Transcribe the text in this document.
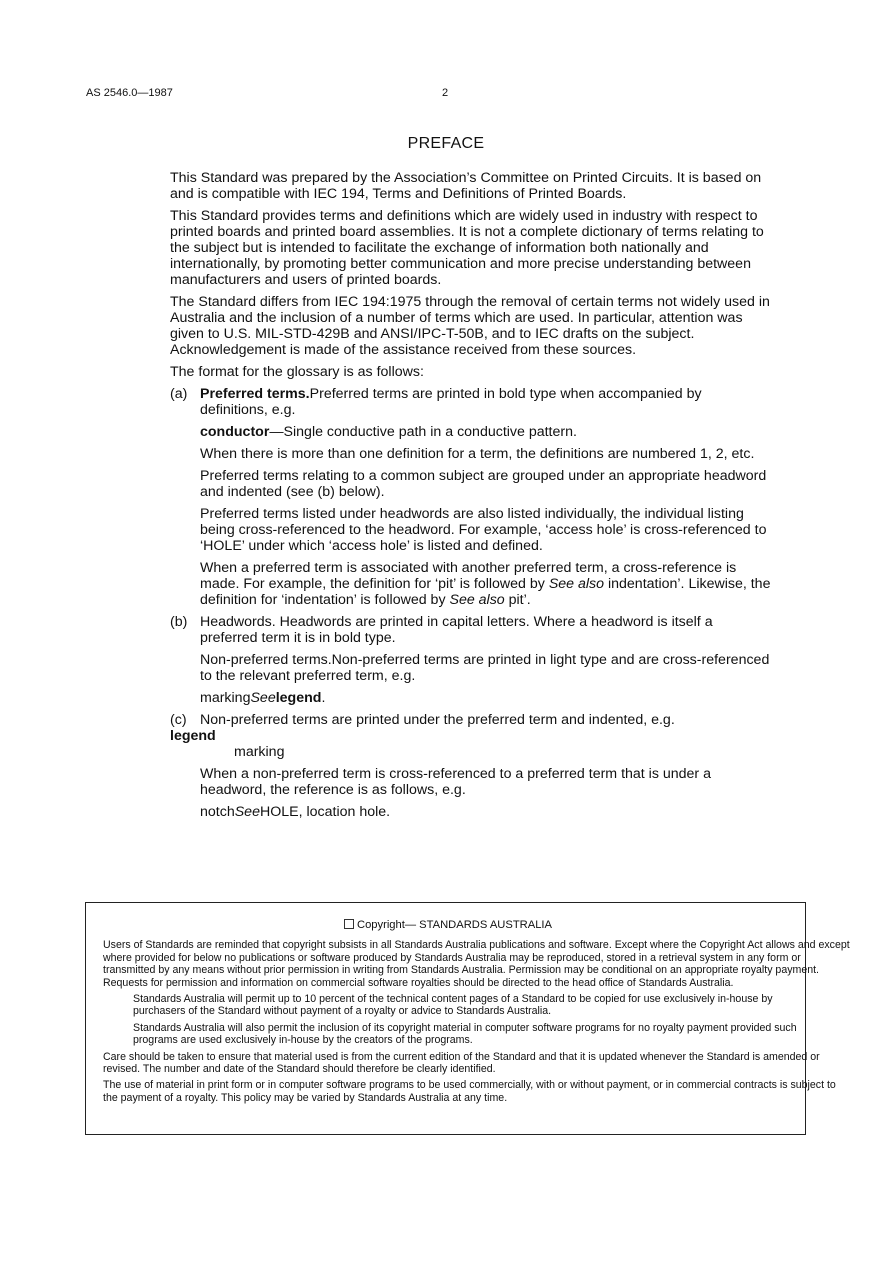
AS 2546.0—1987	2
PREFACE

This Standard was prepared by the Association’s Committee on Printed Circuits. It is based on and is compatible with IEC 194, Terms and Definitions of Printed Boards.

This Standard provides terms and definitions which are widely used in industry with respect to printed boards and printed board assemblies. It is not a complete dictionary of terms relating to the subject but is intended to facilitate the exchange of information both nationally and internationally, by promoting better communication and more precise understanding between manufacturers and users of printed boards.

The Standard differs from IEC 194:1975 through the removal of certain terms not widely used in Australia and the inclusion of a number of terms which are used. In particular, attention was given to U.S. MIL-STD-429B and ANSI/IPC-T-50B, and to IEC drafts on the subject. Acknowledgement is made of the assistance received from these sources.

The format for the glossary is as follows:

(a) Preferred terms.Preferred terms are printed in bold type when accompanied by definitions, e.g.

conductor—Single conductive path in a conductive pattern.

When there is more than one definition for a term, the definitions are numbered 1, 2, etc.

Preferred terms relating to a common subject are grouped under an appropriate headword and indented (see (b) below).

Preferred terms listed under headwords are also listed individually, the individual listing being cross-referenced to the headword. For example, ‘access hole’ is cross-referenced to ‘HOLE’ under which ‘access hole’ is listed and defined.

When a preferred term is associated with another preferred term, a cross-reference is made. For example, the definition for ‘pit’ is followed by See also indentation’. Likewise, the definition for ‘indentation’ is followed by See also pit’.

(b) Headwords. Headwords are printed in capital letters. Where a headword is itself a preferred term it is in bold type.

Non-preferred terms.Non-preferred terms are printed in light type and are cross-referenced to the relevant preferred term, e.g.

markingSeelegend.

(c) Non-preferred terms are printed under the preferred term and indented, e.g.

legend

marking

When a non-preferred term is cross-referenced to a preferred term that is under a headword, the reference is as follows, e.g.

notchSeeHOLE, location hole.

Copyright— STANDARDS AUSTRALIA

Users of Standards are reminded that copyright subsists in all Standards Australia publications and software. Except where the Copyright Act allows and except where provided for below no publications or software produced by Standards Australia may be reproduced, stored in a retrieval system in any form or transmitted by any means without prior permission in writing from Standards Australia. Permission may be conditional on an appropriate royalty payment. Requests for permission and information on commercial software royalties should be directed to the head office of Standards Australia.

Standards Australia will permit up to 10 percent of the technical content pages of a Standard to be copied for use exclusively in-house by purchasers of the Standard without payment of a royalty or advice to Standards Australia.

Standards Australia will also permit the inclusion of its copyright material in computer software programs for no royalty payment provided such programs are used exclusively in-house by the creators of the programs.

Care should be taken to ensure that material used is from the current edition of the Standard and that it is updated whenever the Standard is amended or revised. The number and date of the Standard should therefore be clearly identified.

The use of material in print form or in computer software programs to be used commercially, with or without payment, or in commercial contracts is subject to the payment of a royalty. This policy may be varied by Standards Australia at any time.
